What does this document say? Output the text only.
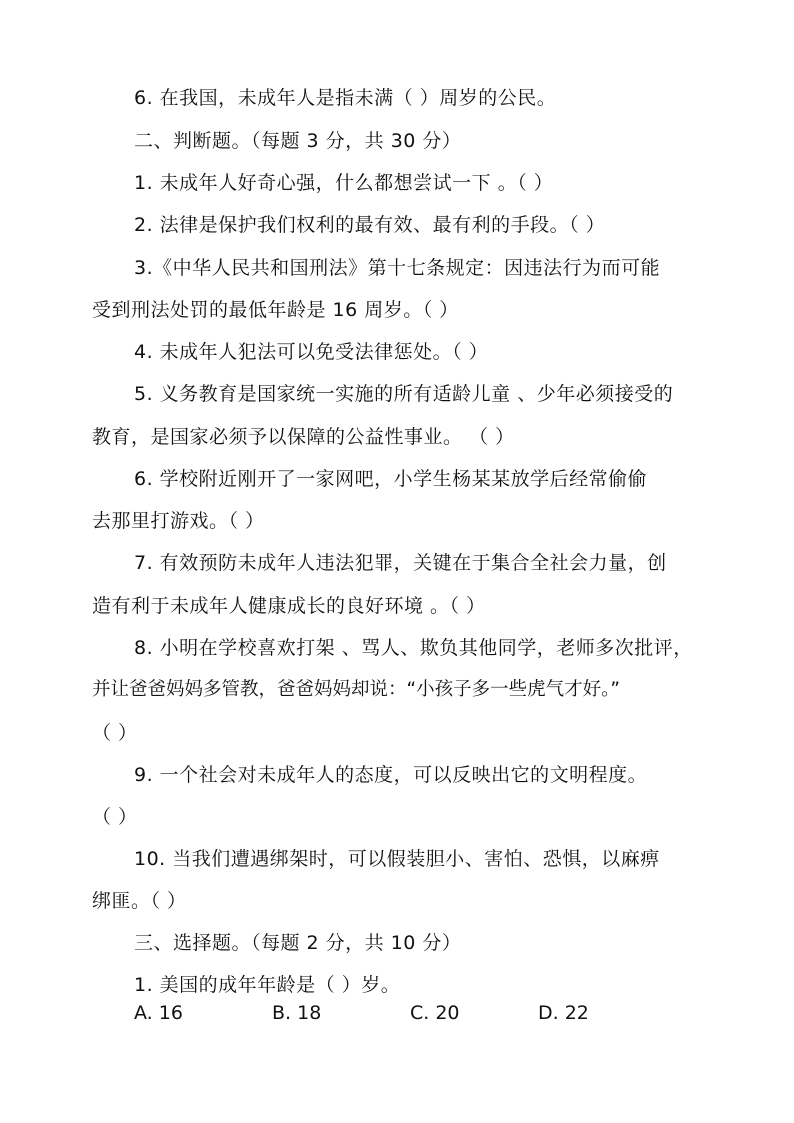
6. 在我国，未成年人是指未满（ ）周岁的公民。
二、判断题。（每题 3 分，共 30 分）
1. 未成年人好奇心强，什么都想尝试一下 。（ ）
2. 法律是保护我们权利的最有效、最有利的手段。（ ）
3.《中华人民共和国刑法》第十七条规定：因违法行为而可能
受到刑法处罚的最低年龄是 16 周岁。（ ）
4. 未成年人犯法可以免受法律惩处。（ ）
5. 义务教育是国家统一实施的所有适龄儿童 、少年必须接受的
教育，是国家必须予以保障的公益性事业。 （ ）
6. 学校附近刚开了一家网吧，小学生杨某某放学后经常偷偷
去那里打游戏。（ ）
7. 有效预防未成年人违法犯罪，关键在于集合全社会力量，创
造有利于未成年人健康成长的良好环境 。（ ）
8. 小明在学校喜欢打架 、骂人、欺负其他同学，老师多次批评，
并让爸爸妈妈多管教，爸爸妈妈却说：“小孩子多一些虎气才好。”
（ ）
9. 一个社会对未成年人的态度，可以反映出它的文明程度。
（ ）
10. 当我们遭遇绑架时，可以假装胆小、害怕、恐惧，以麻痹
绑匪。（ ）
三、选择题。（每题 2 分，共 10 分）
1. 美国的成年年龄是（ ）岁。
A. 16	B. 18	C. 20	D. 22
